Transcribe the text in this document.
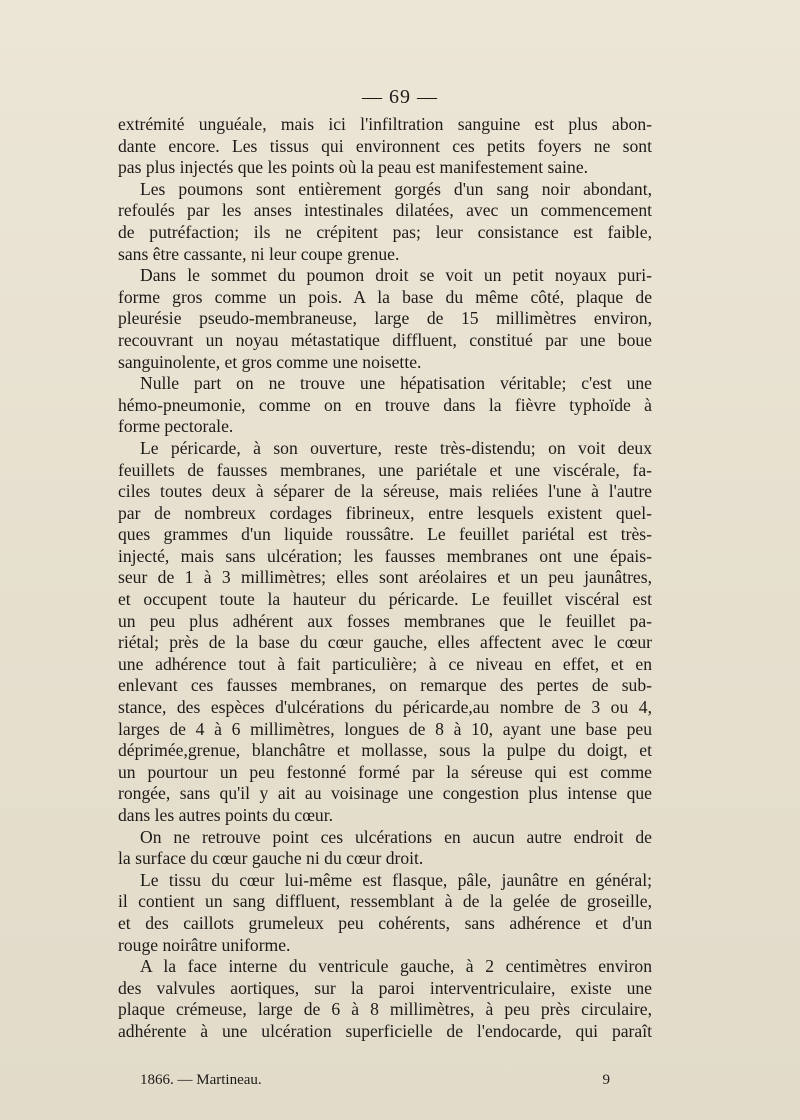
— 69 —
extrémité unguéale, mais ici l'infiltration sanguine est plus abon-
dante encore. Les tissus qui environnent ces petits foyers ne sont
pas plus injectés que les points où la peau est manifestement saine.
Les poumons sont entièrement gorgés d'un sang noir abondant,
refoulés par les anses intestinales dilatées, avec un commencement
de putréfaction; ils ne crépitent pas; leur consistance est faible,
sans être cassante, ni leur coupe grenue.
Dans le sommet du poumon droit se voit un petit noyaux puri-
forme gros comme un pois. A la base du même côté, plaque de
pleurésie pseudo-membraneuse, large de 15 millimètres environ,
recouvrant un noyau métastatique diffluent, constitué par une boue
sanguinolente, et gros comme une noisette.
Nulle part on ne trouve une hépatisation véritable; c'est une
hémo-pneumonie, comme on en trouve dans la fièvre typhoïde à
forme pectorale.
Le péricarde, à son ouverture, reste très-distendu; on voit deux
feuillets de fausses membranes, une pariétale et une viscérale, fa-
ciles toutes deux à séparer de la séreuse, mais reliées l'une à l'autre
par de nombreux cordages fibrineux, entre lesquels existent quel-
ques grammes d'un liquide roussâtre. Le feuillet pariétal est très-
injecté, mais sans ulcération; les fausses membranes ont une épais-
seur de 1 à 3 millimètres; elles sont aréolaires et un peu jaunâtres,
et occupent toute la hauteur du péricarde. Le feuillet viscéral est
un peu plus adhérent aux fosses membranes que le feuillet pa-
riétal; près de la base du cœur gauche, elles affectent avec le cœur
une adhérence tout à fait particulière; à ce niveau en effet, et en
enlevant ces fausses membranes, on remarque des pertes de sub-
stance, des espèces d'ulcérations du péricarde,au nombre de 3 ou 4,
larges de 4 à 6 millimètres, longues de 8 à 10, ayant une base peu
déprimée,grenue, blanchâtre et mollasse, sous la pulpe du doigt, et
un pourtour un peu festonné formé par la séreuse qui est comme
rongée, sans qu'il y ait au voisinage une congestion plus intense que
dans les autres points du cœur.
On ne retrouve point ces ulcérations en aucun autre endroit de
la surface du cœur gauche ni du cœur droit.
Le tissu du cœur lui-même est flasque, pâle, jaunâtre en général;
il contient un sang diffluent, ressemblant à de la gelée de groseille,
et des caillots grumeleux peu cohérents, sans adhérence et d'un
rouge noirâtre uniforme.
A la face interne du ventricule gauche, à 2 centimètres environ
des valvules aortiques, sur la paroi interventriculaire, existe une
plaque crémeuse, large de 6 à 8 millimètres, à peu près circulaire,
adhérente à une ulcération superficielle de l'endocarde, qui paraît
1866. — Martineau.	9
